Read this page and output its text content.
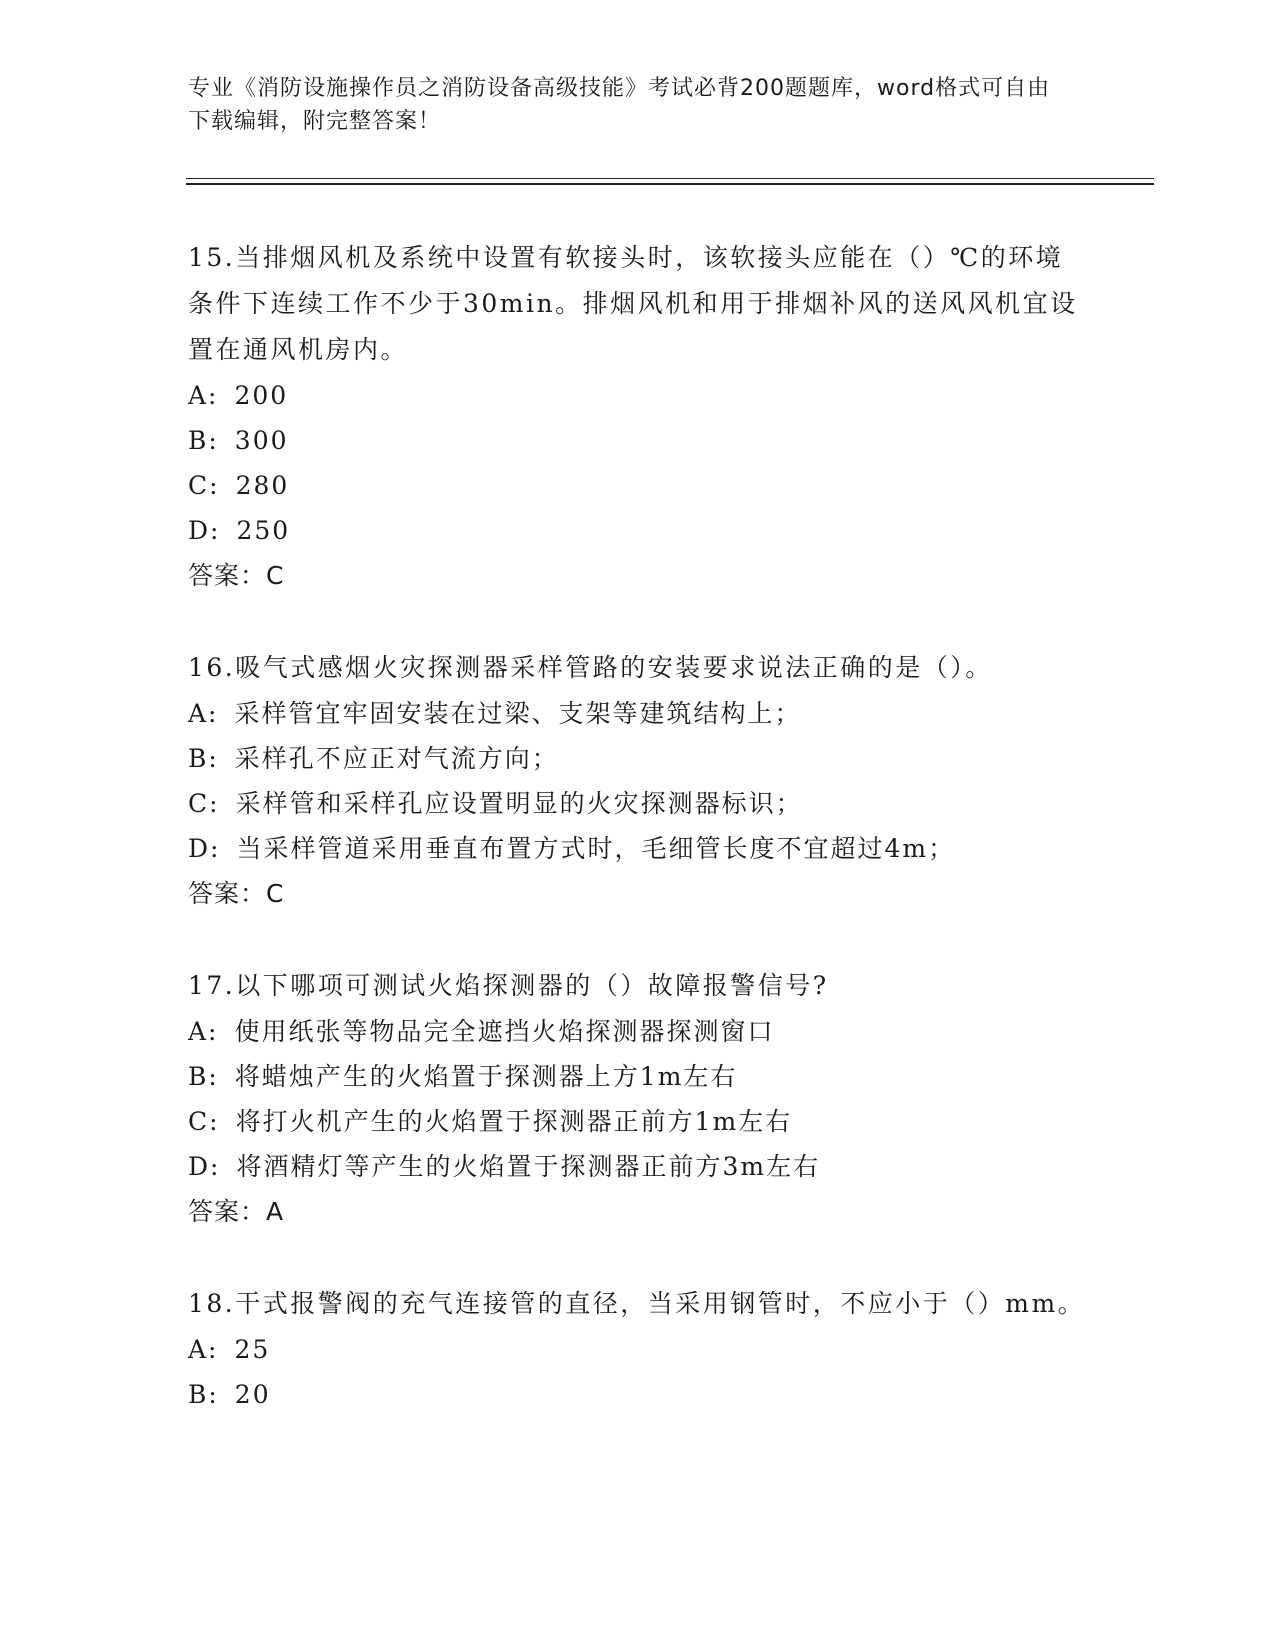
专业《消防设施操作员之消防设备高级技能》考试必背200题题库，word格式可自由下载编辑，附完整答案！
15.当排烟风机及系统中设置有软接头时，该软接头应能在（）℃的环境条件下连续工作不少于30min。排烟风机和用于排烟补风的送风风机宜设置在通风机房内。
A: 200
B: 300
C: 280
D: 250
答案：C
16.吸气式感烟火灾探测器采样管路的安装要求说法正确的是（）。
A: 采样管宜牢固安装在过梁、支架等建筑结构上；
B: 采样孔不应正对气流方向；
C: 采样管和采样孔应设置明显的火灾探测器标识；
D: 当采样管道采用垂直布置方式时，毛细管长度不宜超过4m；
答案：C
17.以下哪项可测试火焰探测器的（）故障报警信号?
A: 使用纸张等物品完全遮挡火焰探测器探测窗口
B: 将蜡烛产生的火焰置于探测器上方1m左右
C: 将打火机产生的火焰置于探测器正前方1m左右
D: 将酒精灯等产生的火焰置于探测器正前方3m左右
答案：A
18.干式报警阀的充气连接管的直径，当采用钢管时，不应小于（）mm。
A: 25
B: 20
